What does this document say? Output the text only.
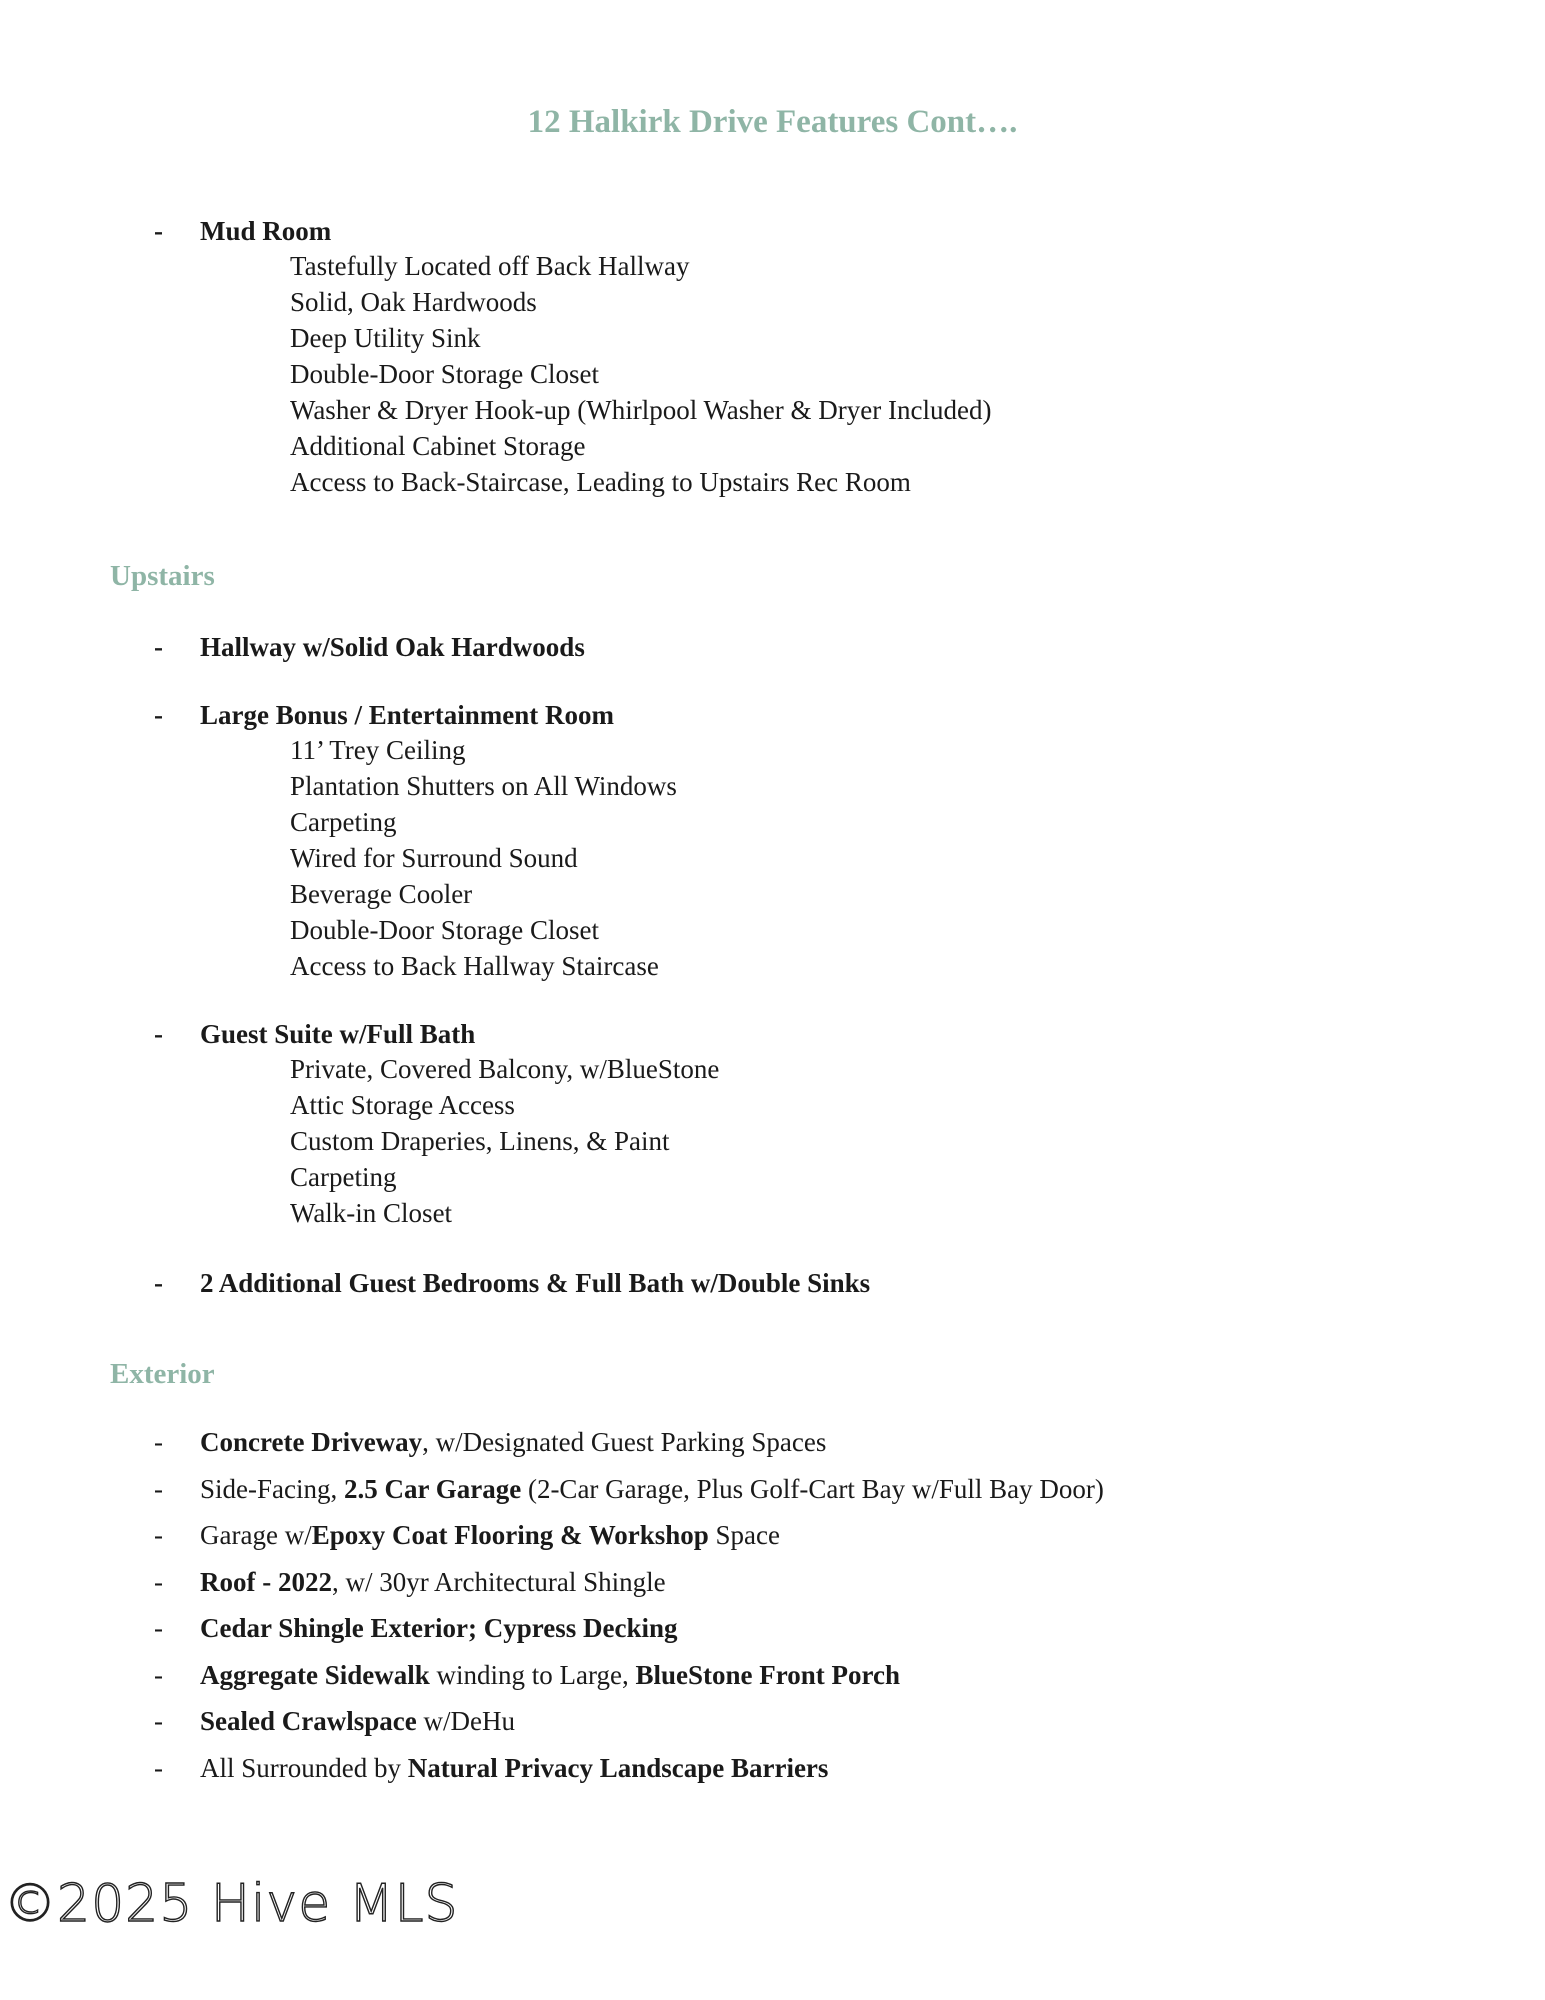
12 Halkirk Drive Features Cont….
- Mud Room
Tastefully Located off Back Hallway
Solid, Oak Hardwoods
Deep Utility Sink
Double-Door Storage Closet
Washer & Dryer Hook-up (Whirlpool Washer & Dryer Included)
Additional Cabinet Storage
Access to Back-Staircase, Leading to Upstairs Rec Room
Upstairs
- Hallway w/Solid Oak Hardwoods
- Large Bonus / Entertainment Room
11’ Trey Ceiling
Plantation Shutters on All Windows
Carpeting
Wired for Surround Sound
Beverage Cooler
Double-Door Storage Closet
Access to Back Hallway Staircase
- Guest Suite w/Full Bath
Private, Covered Balcony, w/BlueStone
Attic Storage Access
Custom Draperies, Linens, & Paint
Carpeting
Walk-in Closet
- 2 Additional Guest Bedrooms & Full Bath w/Double Sinks
Exterior
- Concrete Driveway, w/Designated Guest Parking Spaces
- Side-Facing, 2.5 Car Garage (2-Car Garage, Plus Golf-Cart Bay w/Full Bay Door)
- Garage w/Epoxy Coat Flooring & Workshop Space
- Roof - 2022, w/ 30yr Architectural Shingle
- Cedar Shingle Exterior; Cypress Decking
- Aggregate Sidewalk winding to Large, BlueStone Front Porch
- Sealed Crawlspace w/DeHu
- All Surrounded by Natural Privacy Landscape Barriers
©2025 Hive MLS
